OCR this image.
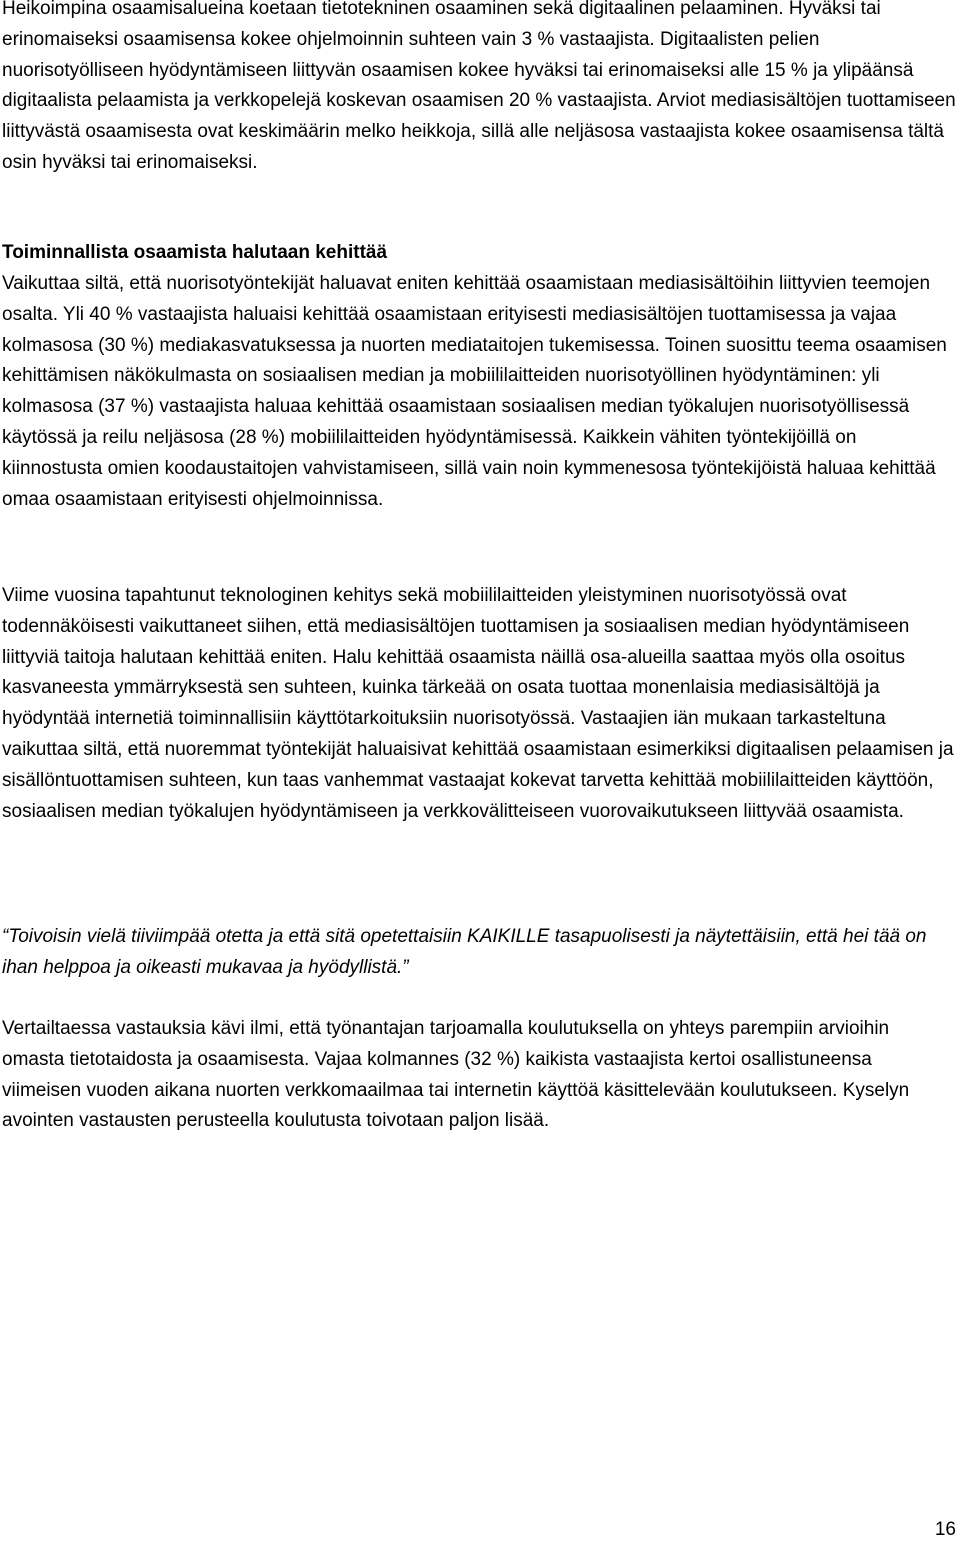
Heikoimpina osaamisalueina koetaan tietotekninen osaaminen sekä digitaalinen pelaaminen. Hyväksi tai erinomaiseksi osaamisensa kokee ohjelmoinnin suhteen vain 3 % vastaajista. Digitaalisten pelien nuorisotyölliseen hyödyntämiseen liittyvän osaamisen kokee hyväksi tai erinomaiseksi alle 15 % ja ylipäänsä digitaalista pelaamista ja verkkopelejä koskevan osaamisen 20 % vastaajista. Arviot mediasisältöjen tuottamiseen liittyvästä osaamisesta ovat keskimäärin melko heikkoja, sillä alle neljäsosa vastaajista kokee osaamisensa tältä osin hyväksi tai erinomaiseksi.

Toiminnallista osaamista halutaan kehittää

Vaikuttaa siltä, että nuorisotyöntekijät haluavat eniten kehittää osaamistaan mediasisältöihin liittyvien teemojen osalta. Yli 40 % vastaajista haluaisi kehittää osaamistaan erityisesti mediasisältöjen tuottamisessa ja vajaa kolmasosa (30 %) mediakasvatuksessa ja nuorten mediataitojen tukemisessa. Toinen suosittu teema osaamisen kehittämisen näkökulmasta on sosiaalisen median ja mobiililaitteiden nuorisotyöllinen hyödyntäminen: yli kolmasosa (37 %) vastaajista haluaa kehittää osaamistaan sosiaalisen median työkalujen nuorisotyöllisessä käytössä ja reilu neljäsosa (28 %) mobiililaitteiden hyödyntämisessä. Kaikkein vähiten työntekijöillä on kiinnostusta omien koodaustaitojen vahvistamiseen, sillä vain noin kymmenesosa työntekijöistä haluaa kehittää omaa osaamistaan erityisesti ohjelmoinnissa.

Viime vuosina tapahtunut teknologinen kehitys sekä mobiililaitteiden yleistyminen nuorisotyössä ovat todennäköisesti vaikuttaneet siihen, että mediasisältöjen tuottamisen ja sosiaalisen median hyödyntämiseen liittyviä taitoja halutaan kehittää eniten. Halu kehittää osaamista näillä osa-alueilla saattaa myös olla osoitus kasvaneesta ymmärryksestä sen suhteen, kuinka tärkeää on osata tuottaa monenlaisia mediasisältöjä ja hyödyntää internetiä toiminnallisiin käyttötarkoituksiin nuorisotyössä. Vastaajien iän mukaan tarkasteltuna vaikuttaa siltä, että nuoremmat työntekijät haluaisivat kehittää osaamistaan esimerkiksi digitaalisen pelaamisen ja sisällöntuottamisen suhteen, kun taas vanhemmat vastaajat kokevat tarvetta kehittää mobiililaitteiden käyttöön, sosiaalisen median työkalujen hyödyntämiseen ja verkkovälitteiseen vuorovaikutukseen liittyvää osaamista.

“Toivoisin vielä tiiviimpää otetta ja että sitä opetettaisiin KAIKILLE tasapuolisesti ja näytettäisiin, että hei tää on ihan helppoa ja oikeasti mukavaa ja hyödyllistä.”

Vertailtaessa vastauksia kävi ilmi, että työnantajan tarjoamalla koulutuksella on yhteys parempiin arvioihin omasta tietotaidosta ja osaamisesta. Vajaa kolmannes (32 %) kaikista vastaajista kertoi osallistuneensa viimeisen vuoden aikana nuorten verkkomaailmaa tai internetin käyttöä käsittelevään koulutukseen. Kyselyn avointen vastausten perusteella koulutusta toivotaan paljon lisää.

16
